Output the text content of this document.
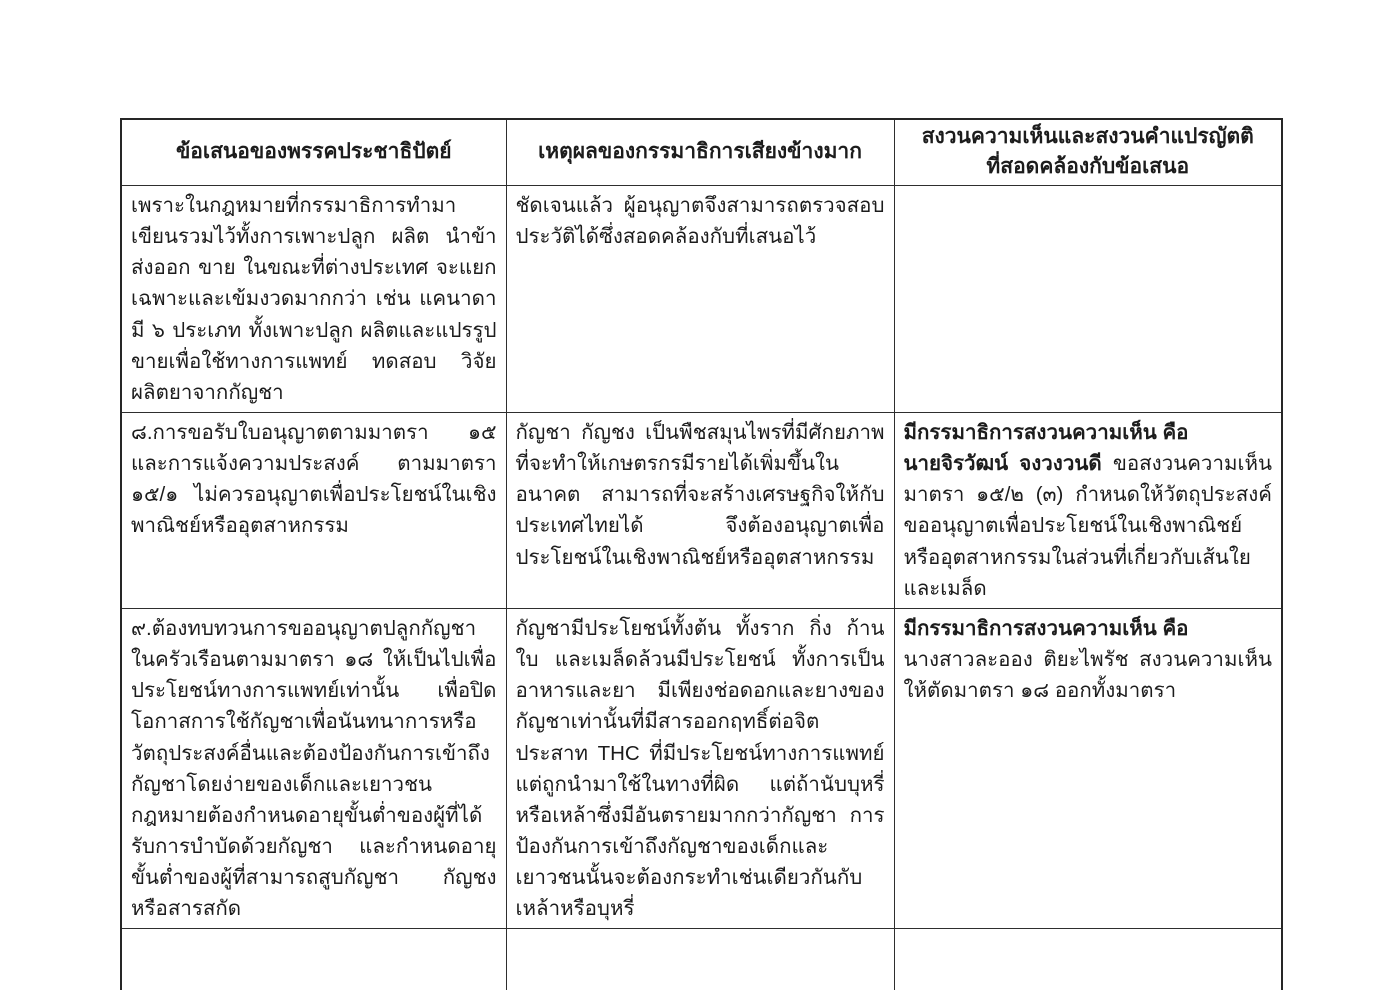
ข้อเสนอของพรรคประชาธิปัตย์	เหตุผลของกรรมาธิการเสียงข้างมาก	สงวนความเห็นและสงวนคำแปรญัตติ
ที่สอดคล้องกับข้อเสนอ

เพราะในกฎหมายที่กรรมาธิการทำมา เขียนรวมไว้ทั้งการเพาะปลูก ผลิต นำข้า ส่งออก ขาย ในขณะที่ต่างประเทศ จะแยกเฉพาะและเข้มงวดมากกว่า เช่น แคนาดา มี ๖ ประเภท ทั้งเพาะปลูก ผลิตและแปรรูปขายเพื่อใช้ทางการแพทย์ ทดสอบ วิจัย ผลิตยาจากกัญชา	ชัดเจนแล้ว ผู้อนุญาตจึงสามารถตรวจสอบประวัติได้ซึ่งสอดคล้องกับที่เสนอไว้	
๘.การขอรับใบอนุญาตตามมาตรา ๑๕ และการแจ้งความประสงค์ ตามมาตรา ๑๕/๑ ไม่ควรอนุญาตเพื่อประโยชน์ในเชิงพาณิชย์หรืออุตสาหกรรม	กัญชา กัญชง เป็นพืชสมุนไพรที่มีศักยภาพที่จะทำให้เกษตรกรมีรายได้เพิ่มขึ้นในอนาคต สามารถที่จะสร้างเศรษฐกิจให้กับประเทศไทยได้ จึงต้องอนุญาตเพื่อประโยชน์ในเชิงพาณิชย์หรืออุตสาหกรรม	มีกรรมาธิการสงวนความเห็น คือ
นายจิรวัฒน์ จงวงวนดี ขอสงวนความเห็นมาตรา ๑๕/๒ (๓) กำหนดให้วัตถุประสงค์ขออนุญาตเพื่อประโยชน์ในเชิงพาณิชย์หรืออุตสาหกรรมในส่วนที่เกี่ยวกับเส้นใยและเมล็ด

๙.ต้องทบทวนการขออนุญาตปลูกกัญชาในครัวเรือนตามมาตรา ๑๘ ให้เป็นไปเพื่อประโยชน์ทางการแพทย์เท่านั้น เพื่อปิดโอกาสการใช้กัญชาเพื่อนันทนาการหรือวัตถุประสงค์อื่นและต้องป้องกันการเข้าถึงกัญชาโดยง่ายของเด็กและเยาวชน กฎหมายต้องกำหนดอายุขั้นต่ำของผู้ที่ได้รับการบำบัดด้วยกัญชา และกำหนดอายุขั้นต่ำของผู้ที่สามารถสูบกัญชา กัญชง หรือสารสกัด	กัญชามีประโยชน์ทั้งต้น ทั้งราก กิ่ง ก้าน ใบ และเมล็ดล้วนมีประโยชน์ ทั้งการเป็นอาหารและยา มีเพียงช่อดอกและยางของกัญชาเท่านั้นที่มีสารออกฤทธิ์ต่อจิตประสาท THC ที่มีประโยชน์ทางการแพทย์ แต่ถูกนำมาใช้ในทางที่ผิด แต่ถ้านับบุหรี่หรือเหล้าซึ่งมีอันตรายมากกว่ากัญชา การป้องกันการเข้าถึงกัญชาของเด็กและเยาวชนนั้นจะต้องกระทำเช่นเดียวกันกับเหล้าหรือบุหรี่	
มีกรรมาธิการสงวนความเห็น คือ
นางสาวละออง ติยะไพรัช สงวนความเห็นให้ตัดมาตรา ๑๘ ออกทั้งมาตรา
